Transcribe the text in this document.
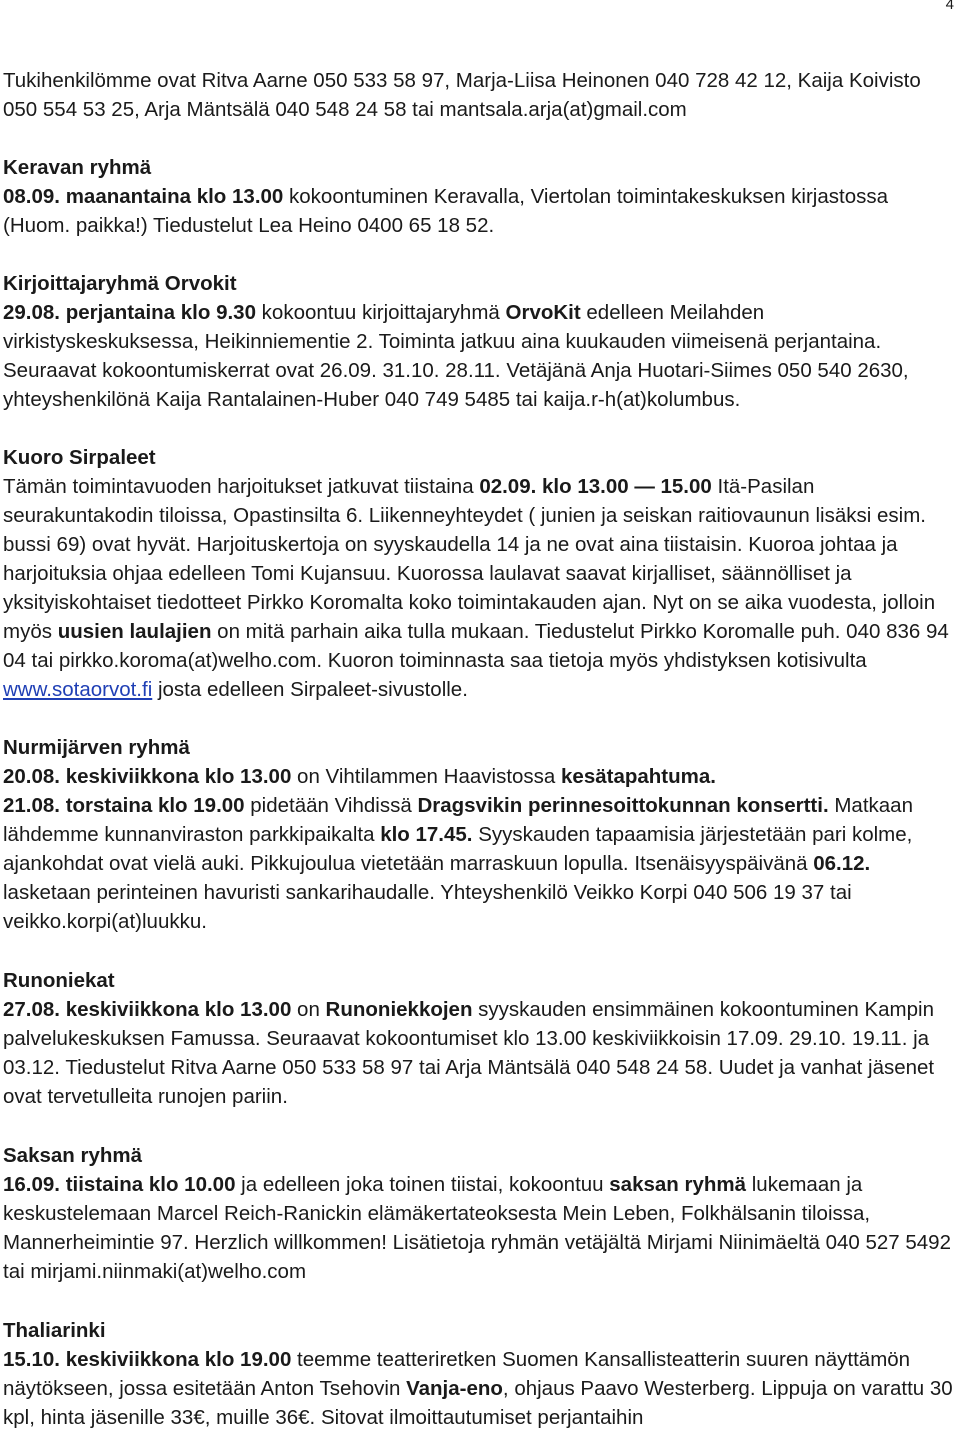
4

Tukihenkilömme ovat Ritva Aarne 050 533 58 97, Marja-Liisa Heinonen 040 728 42 12, Kaija Koivisto 050 554 53 25, Arja Mäntsälä 040 548 24 58 tai mantsala.arja(at)gmail.com

Keravan ryhmä

08.09. maanantaina klo 13.00 kokoontuminen Keravalla, Viertolan toimintakeskuksen kirjastossa (Huom. paikka!) Tiedustelut Lea Heino 0400 65 18 52.

Kirjoittajaryhmä Orvokit

29.08. perjantaina klo 9.30 kokoontuu kirjoittajaryhmä OrvoKit edelleen Meilahden virkistyskeskuksessa, Heikinniementie 2. Toiminta jatkuu aina kuukauden viimeisenä perjantaina. Seuraavat kokoontumiskerrat ovat 26.09. 31.10. 28.11. Vetäjänä Anja Huotari-Siimes 050 540 2630, yhteyshenkilönä Kaija Rantalainen-Huber 040 749 5485 tai kaija.r-h(at)kolumbus.

Kuoro Sirpaleet

Tämän toimintavuoden harjoitukset jatkuvat tiistaina 02.09. klo 13.00 — 15.00 Itä-Pasilan seurakuntakodin tiloissa, Opastinsilta 6. Liikenneyhteydet ( junien ja seiskan raitiovaunun lisäksi esim. bussi 69) ovat hyvät. Harjoituskertoja on syyskaudella 14 ja ne ovat aina tiistaisin. Kuoroa johtaa ja harjoituksia ohjaa edelleen Tomi Kujansuu. Kuorossa laulavat saavat kirjalliset, säännölliset ja yksityiskohtaiset tiedotteet Pirkko Koromalta koko toimintakauden ajan. Nyt on se aika vuodesta, jolloin myös uusien laulajien on mitä parhain aika tulla mukaan. Tiedustelut Pirkko Koromalle puh. 040 836 94 04 tai pirkko.koroma(at)welho.com. Kuoron toiminnasta saa tietoja myös yhdistyksen kotisivulta www.sotaorvot.fi josta edelleen Sirpaleet-sivustolle.

Nurmijärven ryhmä

20.08. keskiviikkona klo 13.00 on Vihtilammen Haavistossa kesätapahtuma.

21.08. torstaina klo 19.00 pidetään Vihdissä Dragsvikin perinnesoittokunnan konsertti. Matkaan lähdemme kunnanviraston parkkipaikalta klo 17.45. Syyskauden tapaamisia järjestetään pari kolme, ajankohdat ovat vielä auki. Pikkujoulua vietetään marraskuun lopulla. Itsenäisyyspäivänä 06.12. lasketaan perinteinen havuristi sankarihaudalle. Yhteyshenkilö Veikko Korpi 040 506 19 37 tai veikko.korpi(at)luukku.

Runoniekat

27.08. keskiviikkona klo 13.00 on Runoniekkojen syyskauden ensimmäinen kokoontuminen Kampin palvelukeskuksen Famussa. Seuraavat kokoontumiset klo 13.00 keskiviikkoisin 17.09. 29.10. 19.11. ja 03.12. Tiedustelut Ritva Aarne 050 533 58 97 tai Arja Mäntsälä 040 548 24 58. Uudet ja vanhat jäsenet ovat tervetulleita runojen pariin.

Saksan ryhmä

16.09. tiistaina klo 10.00 ja edelleen joka toinen tiistai, kokoontuu saksan ryhmä lukemaan ja keskustelemaan Marcel Reich-Ranickin elämäkertateoksesta Mein Leben, Folkhälsanin tiloissa, Mannerheimintie 97. Herzlich willkommen! Lisätietoja ryhmän vetäjältä Mirjami Niinimäeltä 040 527 5492 tai mirjami.niinmaki(at)welho.com

Thaliarinki

15.10. keskiviikkona klo 19.00 teemme teatteriretken Suomen Kansallisteatterin suuren näyttämön näytökseen, jossa esitetään Anton Tsehovin Vanja-eno, ohjaus Paavo Westerberg. Lippuja on varattu 30 kpl, hinta jäsenille 33€, muille 36€. Sitovat ilmoittautumiset perjantaihin
